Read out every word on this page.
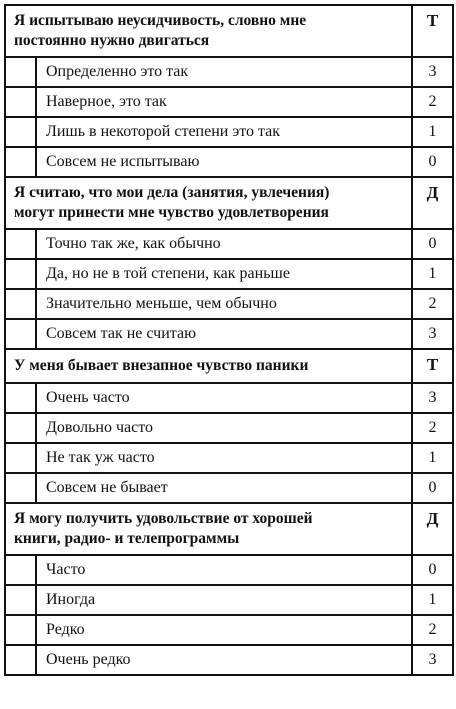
Я испытываю неусидчивость, словно мне
постоянно нужно двигаться		Т
	Определенно это так	3
	Наверное, это так	2
	Лишь в некоторой степени это так	1
	Совсем не испытываю	0

Я считаю, что мои дела (занятия, увлечения)
могут принести мне чувство удовлетворения		Д
	Точно так же, как обычно	0
	Да, но не в той степени, как раньше	1
	Значительно меньше, чем обычно	2
	Совсем так не считаю	3

У меня бывает внезапное чувство паники		Т
	Очень часто	3
	Довольно часто	2
	Не так уж часто	1
	Совсем не бывает	0

Я могу получить удовольствие от хорошей
книги, радио- и телепрограммы		Д
	Часто	0
	Иногда	1
	Редко	2
	Очень редко	3
